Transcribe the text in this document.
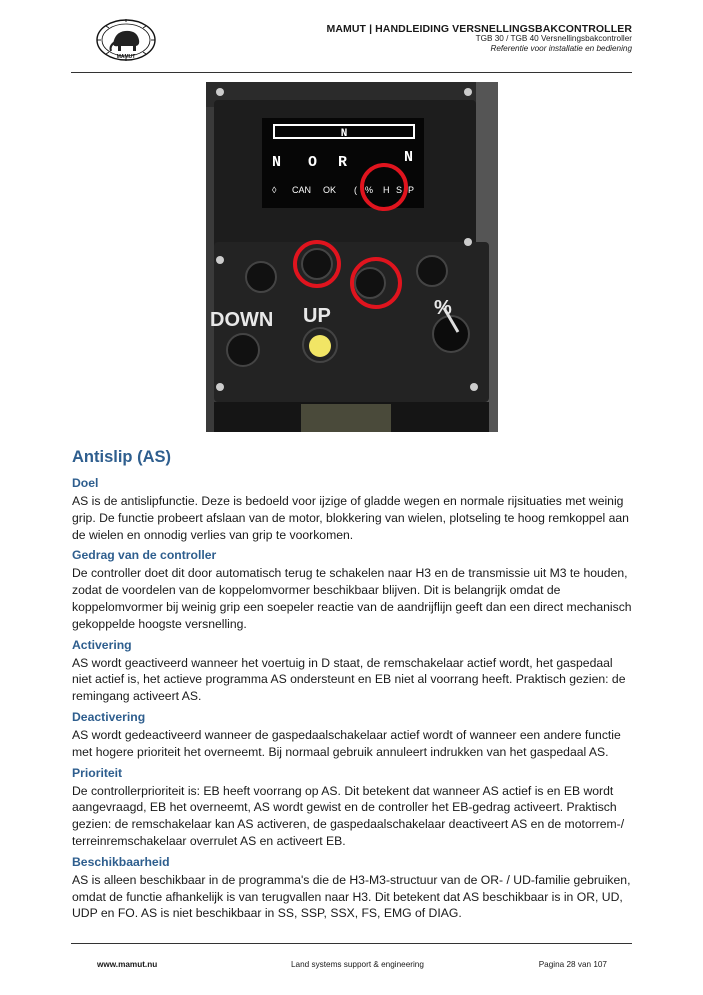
MAMUT
MAMUT | HANDLEIDING VERSNELLINGSBAKCONTROLLER
TGB 30 / TGB 40 Versnellingsbakcontroller
Referentie voor installatie en bediening
N
N O R	N
◊ CAN OK ( % H S P
DOWN UP	%
Antislip (AS)
Doel

AS is de antislipfunctie. Deze is bedoeld voor ijzige of gladde wegen en normale rijsituaties met weinig grip. De functie probeert afslaan van de motor, blokkering van wielen, plotseling te hoog remkoppel aan de wielen en onnodig verlies van grip te voorkomen.

Gedrag van de controller

De controller doet dit door automatisch terug te schakelen naar H3 en de transmissie uit M3 te houden, zodat de voordelen van de koppelomvormer beschikbaar blijven. Dit is belangrijk omdat de koppelomvormer bij weinig grip een soepeler reactie van de aandrijflijn geeft dan een direct mechanisch gekoppelde hoogste versnelling.

Activering

AS wordt geactiveerd wanneer het voertuig in D staat, de remschakelaar actief wordt, het gaspedaal niet actief is, het actieve programma AS ondersteunt en EB niet al voorrang heeft. Praktisch gezien: de remingang activeert AS.

Deactivering

AS wordt gedeactiveerd wanneer de gaspedaalschakelaar actief wordt of wanneer een andere functie met hogere prioriteit het overneemt. Bij normaal gebruik annuleert indrukken van het gaspedaal AS.

Prioriteit

De controllerprioriteit is: EB heeft voorrang op AS. Dit betekent dat wanneer AS actief is en EB wordt aangevraagd, EB het overneemt, AS wordt gewist en de controller het EB-gedrag activeert. Praktisch gezien: de remschakelaar kan AS activeren, de gaspedaalschakelaar deactiveert AS en de motorrem-/ terreinremschakelaar overrulet AS en activeert EB.

Beschikbaarheid

AS is alleen beschikbaar in de programma's die de H3-M3-structuur van de OR- / UD-familie gebruiken, omdat de functie afhankelijk is van terugvallen naar H3. Dit betekent dat AS beschikbaar is in OR, UD, UDP en FO. AS is niet beschikbaar in SS, SSP, SSX, FS, EMG of DIAG.

www.mamut.nu	Land systems support & engineering	Pagina 28 van 107
